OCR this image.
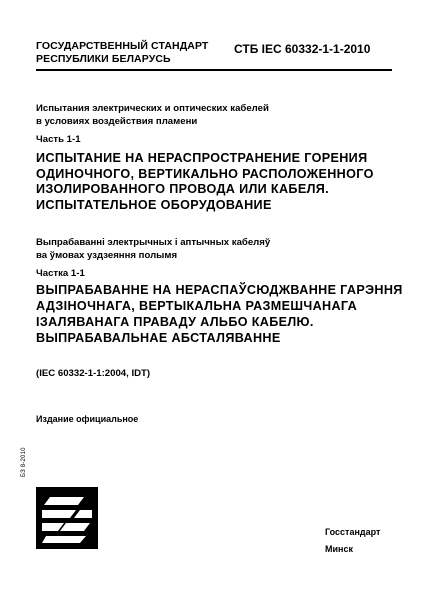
ГОСУДАРСТВЕННЫЙ СТАНДАРТ
РЕСПУБЛИКИ БЕЛАРУСЬ
СТБ IEC 60332-1-1-2010
Испытания электрических и оптических кабелей
в условиях воздействия пламени
Часть 1-1
ИСПЫТАНИЕ НА НЕРАСПРОСТРАНЕНИЕ ГОРЕНИЯ
ОДИНОЧНОГО, ВЕРТИКАЛЬНО РАСПОЛОЖЕННОГО
ИЗОЛИРОВАННОГО ПРОВОДА ИЛИ КАБЕЛЯ.
ИСПЫТАТЕЛЬНОЕ ОБОРУДОВАНИЕ
Выпрабаванні электрычных і аптычных кабеляў
ва ўмовах уздзеяння полымя
Частка 1-1
ВЫПРАБАВАННЕ НА НЕРАСПАЎСЮДЖВАННЕ ГАРЭННЯ
АДЗІНОЧНАГА, ВЕРТЫКАЛЬНА РАЗМЕШЧАНАГА
ІЗАЛЯВАНАГА ПРАВАДУ АЛЬБО КАБЕЛЮ.
ВЫПРАБАВАЛЬНАЕ АБСТАЛЯВАННЕ
(IEC 60332-1-1:2004, IDT)
Издание официальное
БЗ 8-2010
Госстандарт
Минск
